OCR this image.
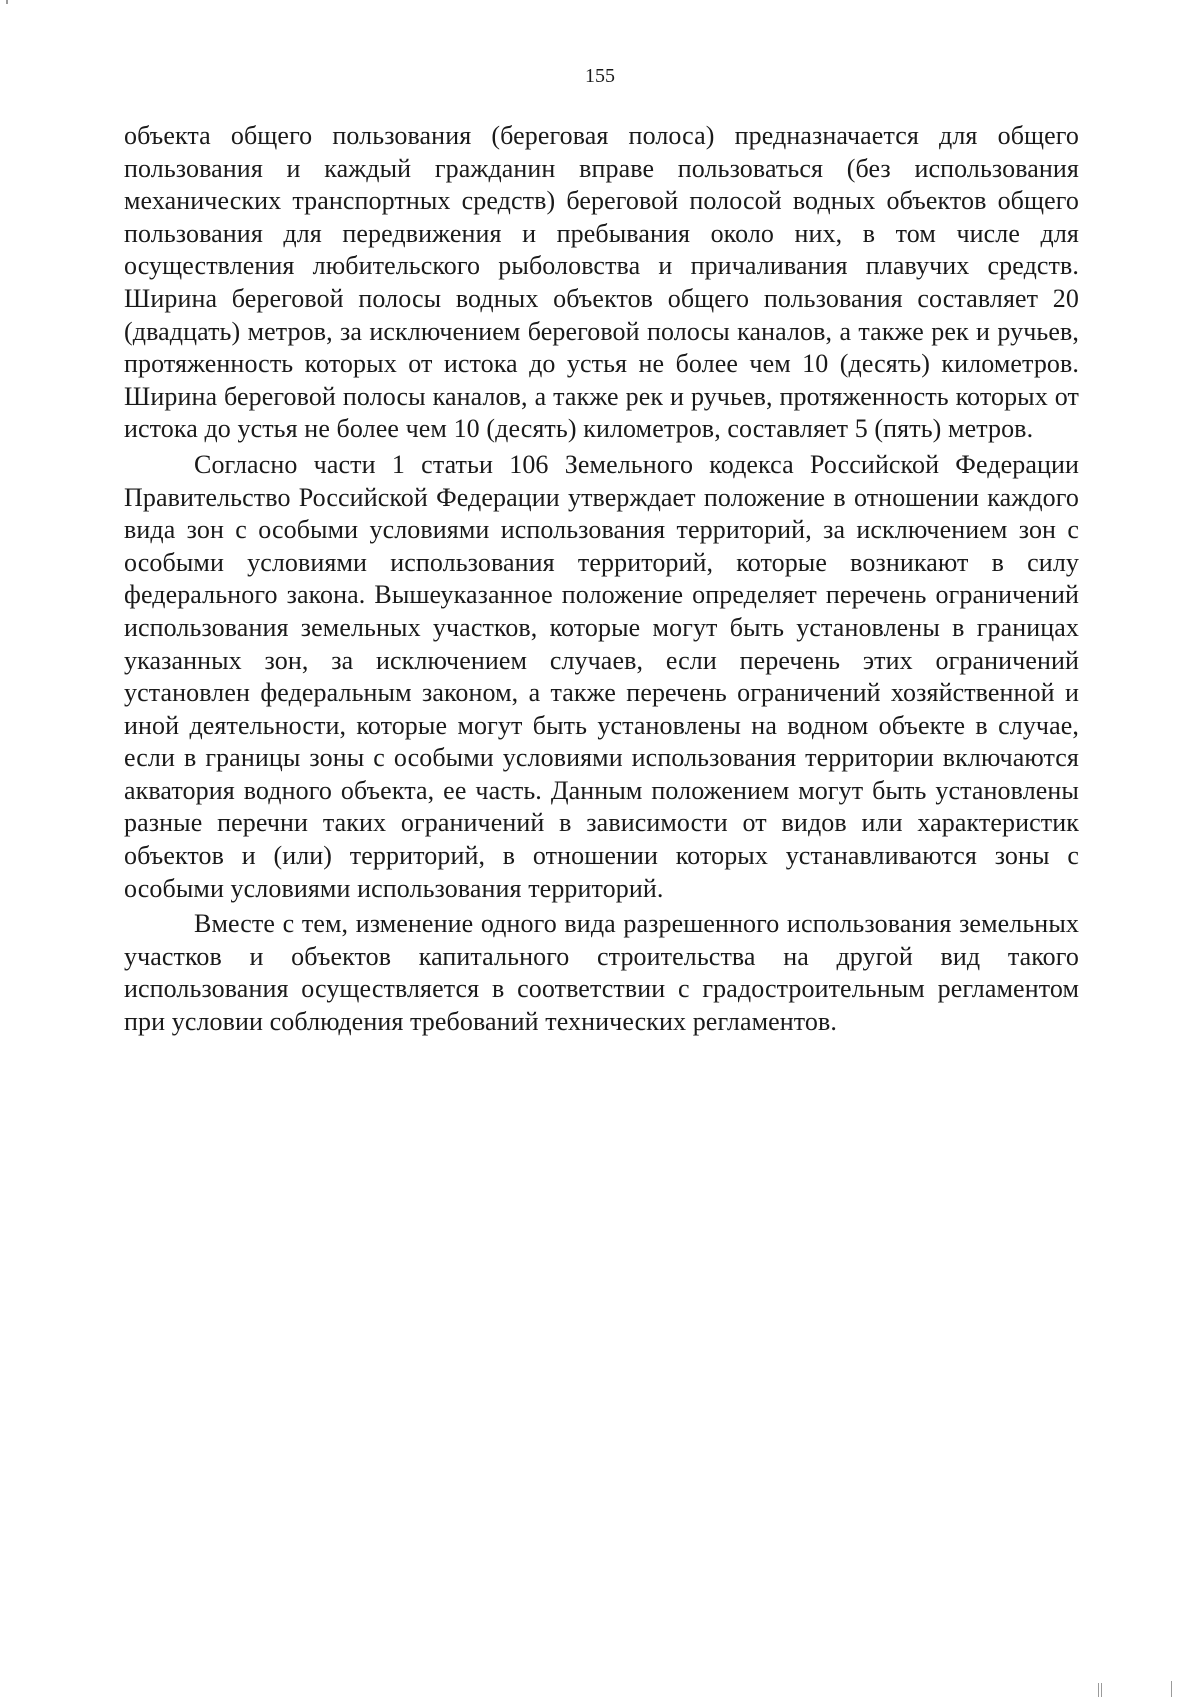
155

объекта общего пользования (береговая полоса) предназначается для общего пользования и каждый гражданин вправе пользоваться (без использования механических транспортных средств) береговой полосой водных объектов общего пользования для передвижения и пребывания около них, в том числе для осуществления любительского рыболовства и причаливания плавучих средств. Ширина береговой полосы водных объектов общего пользования составляет 20 (двадцать) метров, за исключением береговой полосы каналов, а также рек и ручьев, протяженность которых от истока до устья не более чем 10 (десять) километров. Ширина береговой полосы каналов, а также рек и ручьев, протяженность которых от истока до устья не более чем 10 (десять) километров, составляет 5 (пять) метров.

Согласно части 1 статьи 106 Земельного кодекса Российской Федерации Правительство Российской Федерации утверждает положение в отношении каждого вида зон с особыми условиями использования территорий, за исключением зон с особыми условиями использования территорий, которые возникают в силу федерального закона. Вышеуказанное положение определяет перечень ограничений использования земельных участков, которые могут быть установлены в границах указанных зон, за исключением случаев, если перечень этих ограничений установлен федеральным законом, а также перечень ограничений хозяйственной и иной деятельности, которые могут быть установлены на водном объекте в случае, если в границы зоны с особыми условиями использования территории включаются акватория водного объекта, ее часть. Данным положением могут быть установлены разные перечни таких ограничений в зависимости от видов или характеристик объектов и (или) территорий, в отношении которых устанавливаются зоны с особыми условиями использования территорий.

Вместе с тем, изменение одного вида разрешенного использования земельных участков и объектов капитального строительства на другой вид такого использования осуществляется в соответствии с градостроительным регламентом при условии соблюдения требований технических регламентов.
